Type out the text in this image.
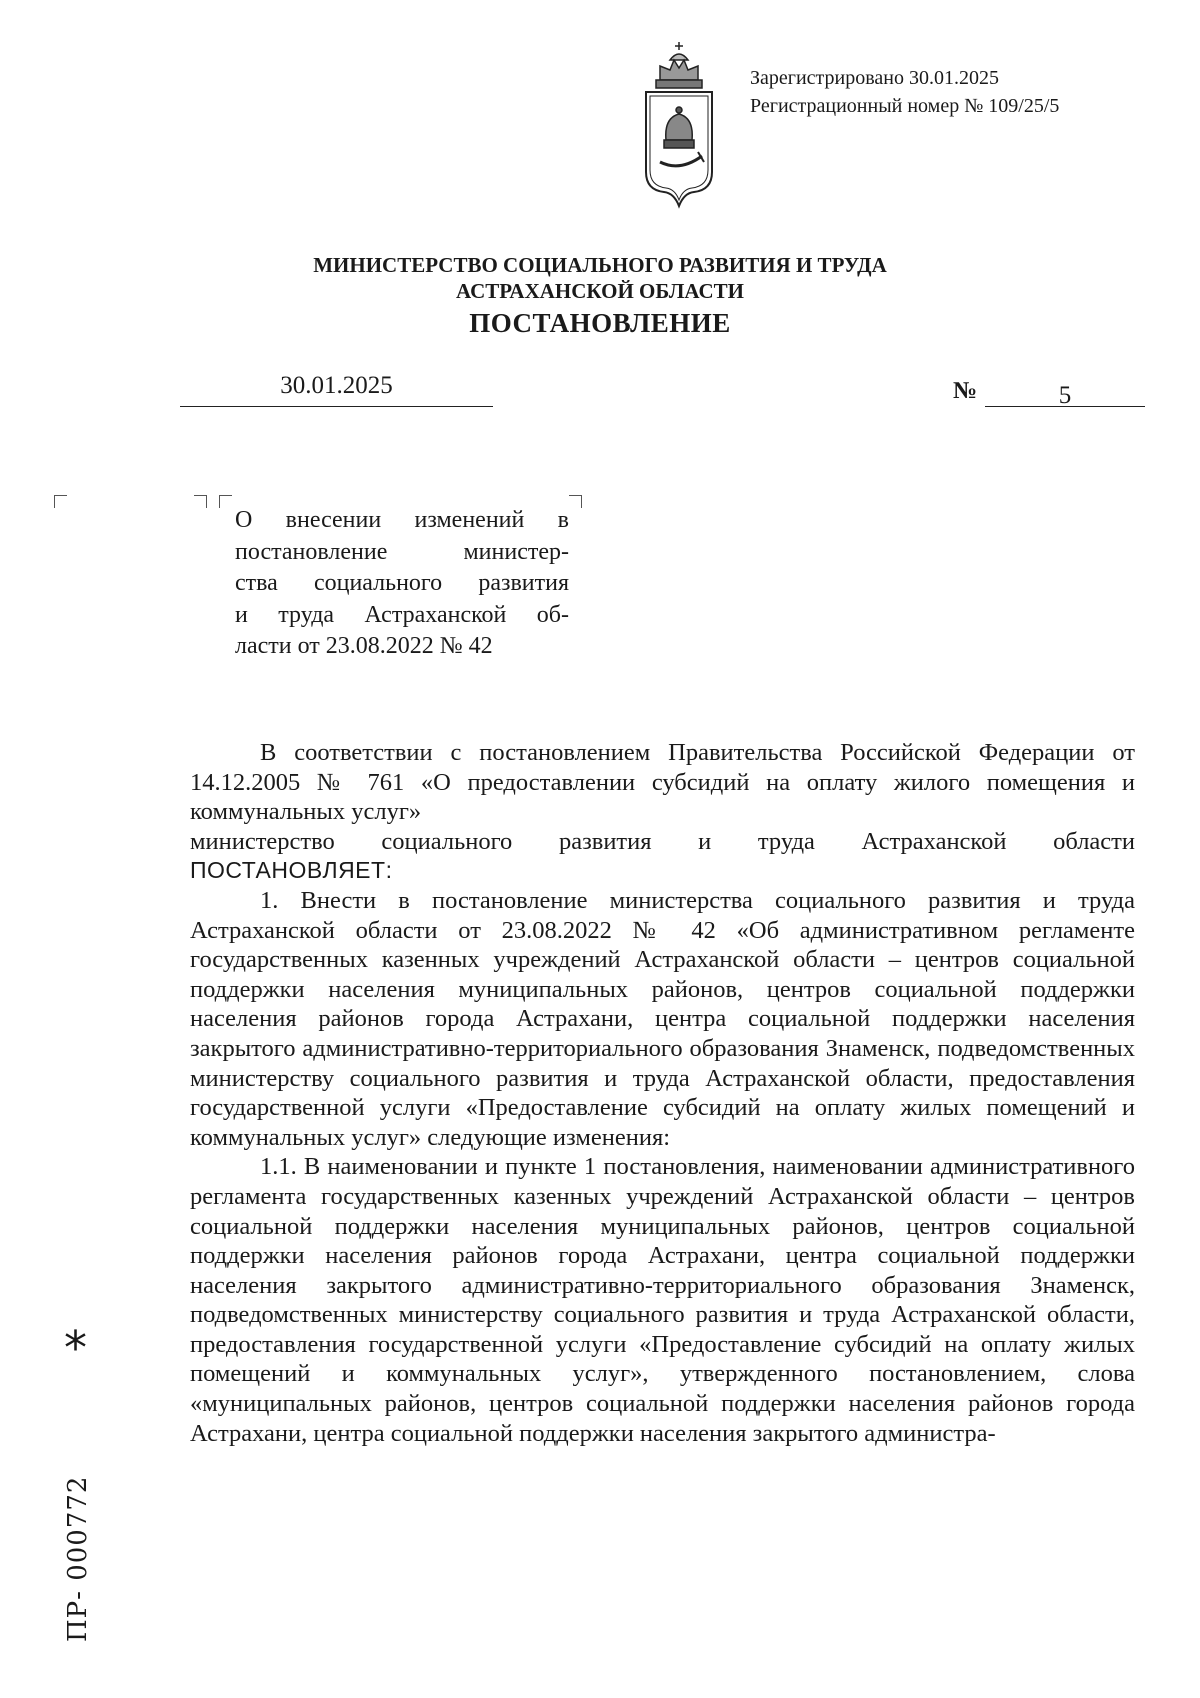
Зарегистрировано 30.01.2025
Регистрационный номер № 109/25/5
МИНИСТЕРСТВО СОЦИАЛЬНОГО РАЗВИТИЯ И ТРУДА
АСТРАХАНСКОЙ ОБЛАСТИ
ПОСТАНОВЛЕНИЕ
30.01.2025	№	5
О внесении изменений в
постановление министер-
ства социального развития
и труда Астраханской об-
ласти от 23.08.2022 № 42
В соответствии с постановлением Правительства Российской Федерации от 14.12.2005 № 761 «О предоставлении субсидий на оплату жилого помещения и коммунальных услуг»
министерство социального развития и труда Астраханской области
ПОСТАНОВЛЯЕТ:
1. Внести в постановление министерства социального развития и труда Астраханской области от 23.08.2022 № 42 «Об административном регламенте государственных казенных учреждений Астраханской области – центров социальной поддержки населения муниципальных районов, центров социальной поддержки населения районов города Астрахани, центра социальной поддержки населения закрытого административно-территориального образования Знаменск, подведомственных министерству социального развития и труда Астраханской области, предоставления государственной услуги «Предоставление субсидий на оплату жилых помещений и коммунальных услуг» следующие изменения:
1.1. В наименовании и пункте 1 постановления, наименовании административного регламента государственных казенных учреждений Астраханской области – центров социальной поддержки населения муниципальных районов, центров социальной поддержки населения районов города Астрахани, центра социальной поддержки населения закрытого административно-территориального образования Знаменск, подведомственных министерству социального развития и труда Астраханской области, предоставления государственной услуги «Предоставление субсидий на оплату жилых помещений и коммунальных услуг», утвержденного постановлением, слова «муниципальных районов, центров социальной поддержки населения районов города Астрахани, центра социальной поддержки населения закрытого администра-
*
ПР- 000772
